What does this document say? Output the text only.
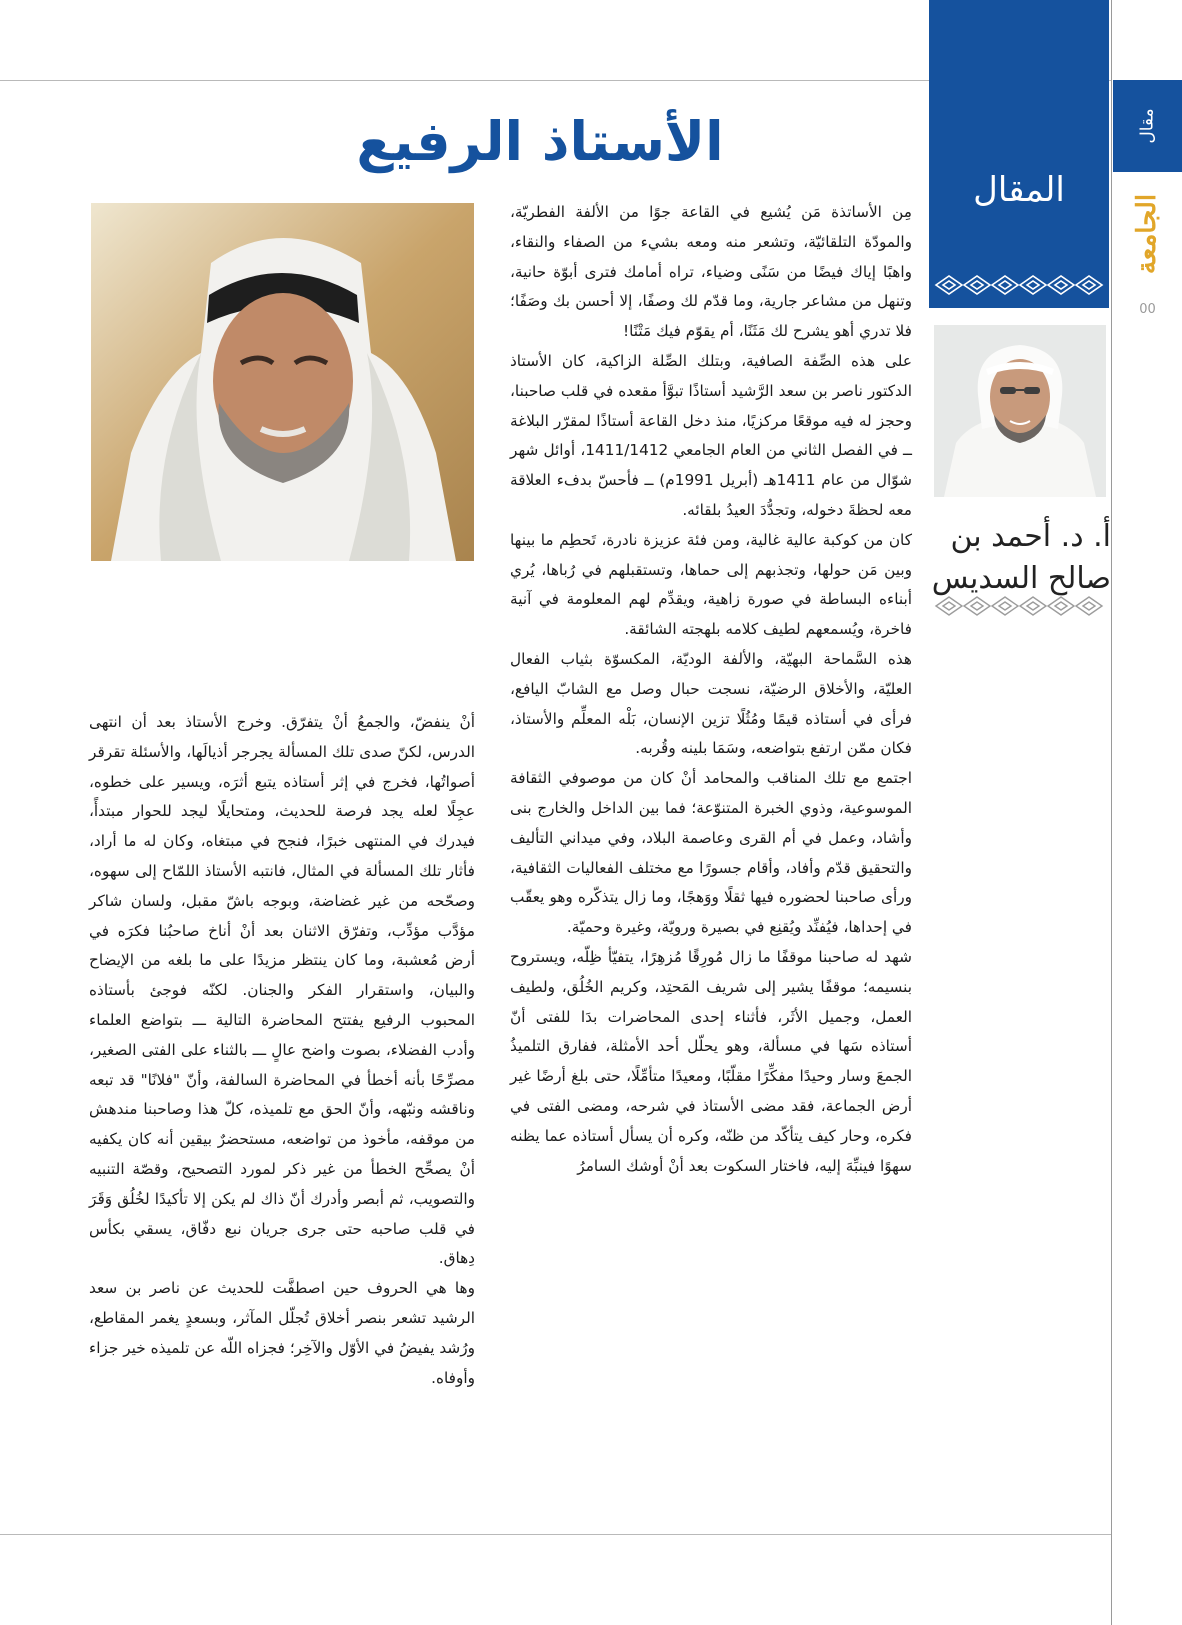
مقال
الجامعة
00
المقال
أ. د. أحمد بن
صالح السديس
الأستاذ الرفيع

مِن الأساتذة مَن يُشيع في القاعة جوًا من الألفة الفطريّة، والمودّة التلقائيّة، وتشعر منه ومعه بشيء من الصفاء والنقاء، واهبًا إياك فيضًا من سَنًى وضياء، تراه أمامك فترى أبوّة حانية، وتنهل من مشاعر جارية، وما قدّم لك وصفًا، إلا أحسن بك وصَفًا؛ فلا تدري أهو يشرح لك مَثَنًا، أم يقوّم فيك مَتْنًا!

على هذه الصِّفة الصافية، وبتلك الصِّلة الزاكية، كان الأستاذ الدكتور ناصر بن سعد الرَّشيد أستاذًا تبوَّأ مقعده في قلب صاحبنا، وحجز له فيه موقعًا مركزيًا، منذ دخل القاعة أستاذًا لمقرّر البلاغة ــ في الفصل الثاني من العام الجامعي 1411/1412، أوائل شهر شوّال من عام 1411هـ (أبريل 1991م) ــ فأحسّ بدفء العلاقة معه لحظةَ دخوله، وتجدُّدَ العيدُ بلقائه.

كان من كوكبة عالية غالية، ومن فئة عزيزة نادرة، تَحطِم ما بينها وبين مَن حولها، وتجذبهم إلى حماها، وتستقبلهم في رُباها، يُري أبناءه البساطة في صورة زاهية، ويقدِّم لهم المعلومة في آنية فاخرة، ويُسمعهم لطيف كلامه بلهجته الشائقة.

هذه السَّماحة البهيّة، والألفة الوديّة، المكسوّة بثياب الفعال العليّة، والأخلاق الرضيّة، نسجت حبال وصل مع الشابّ اليافع، فرأى في أستاذه قيمًا ومُثُلًا تزين الإنسان، بَلْه المعلِّم والأستاذ، فكان ممّن ارتفع بتواضعه، وسَمَا بلينه وقُربه.

اجتمع مع تلك المناقب والمحامد أنْ كان من موصوفي الثقافة الموسوعية، وذوي الخبرة المتنوّعة؛ فما بين الداخل والخارج بنى وأشاد، وعمل في أم القرى وعاصمة البلاد، وفي ميداني التأليف والتحقيق قدّم وأفاد، وأقام جسورًا مع مختلف الفعاليات الثقافية، ورأى صاحبنا لحضوره فيها ثقلًا ووَهجًا، وما زال يتذكّره وهو يعقّب في إحداها، فيُفنِّد ويُقنِع في بصيرة ورويّة، وغيرة وحميّة.

شهد له صاحبنا موقفًا ما زال مُورِقًا مُزهِرًا، يتفيّأ ظِلّه، ويستروح بنسيمه؛ موقفًا يشير إلى شريف المَحتِد، وكريم الخُلُق، ولطيف العمل، وجميل الأثَر، فأثناء إحدى المحاضرات بدَا للفتى أنّ أستاذه سَها في مسألة، وهو يحلّل أحد الأمثلة، ففارق التلميذُ الجمعَ وسار وحيدًا مفكِّرًا مقلّبًا، ومعيدًا متأمِّلًا، حتى بلغ أرضًا غير أرض الجماعة، فقد مضى الأستاذ في شرحه، ومضى الفتى في فكره، وحار كيف يتأكّد من ظنّه، وكره أن يسأل أستاذه عما يظنه سهوًا فينبِّهَ إليه، فاختار السكوت بعد أنْ أوشك السامرُ

أنْ ينفضّ، والجمعُ أنْ يتفرّق. وخرج الأستاذ بعد أن انتهى الدرس، لكنّ صدى تلك المسألة يجرجر أذيالَها، والأسئلة تقرقر أصواتُها، فخرج في إثر أستاذه يتبع أثرَه، ويسير على خطوه، عجِلًا لعله يجد فرصة للحديث، ومتحايلًا ليجد للحوار مبتدأً، فيدرك في المنتهى خبرًا، فنجح في مبتغاه، وكان له ما أراد، فأثار تلك المسألة في المثال، فانتبه الأستاذ اللمّاح إلى سهوه، وصحّحه من غير غضاضة، وبوجه باشّ مقبل، ولسان شاكر مؤدَّب مؤدِّب، وتفرّق الاثنان بعد أنْ أناخ صاحبُنا فكرَه في أرض مُعشبة، وما كان ينتظر مزيدًا على ما بلغه من الإيضاح والبيان، واستقرار الفكر والجنان. لكنّه فوجئ بأستاذه المحبوب الرفيع يفتتح المحاضرة التالية ـــ بتواضع العلماء وأدب الفضلاء، بصوت واضح عالٍ ـــ بالثناء على الفتى الصغير، مصرِّحًا بأنه أخطأ في المحاضرة السالفة، وأنّ "فلانًا" قد تبعه وناقشه ونبّهه، وأنّ الحق مع تلميذه، كلّ هذا وصاحبنا مندهش من موقفه، مأخوذ من تواضعه، مستحضرٌ بيقين أنه كان يكفيه أنْ يصحِّح الخطأ من غير ذكر لمورد التصحيح، وقصّة التنبيه والتصويب، ثم أبصر وأدرك أنّ ذاك لم يكن إلا تأكيدًا لخُلُق وَقَرَ في قلب صاحبه حتى جرى جريان نبع دفّاق، يسقي بكأس دِهاق.

وها هي الحروف حين اصطفَّت للحديث عن ناصر بن سعد الرشيد تشعر بنصر أخلاق تُجلّل المآثر، وبسعدٍ يغمر المقاطع، ورُشد يفيضُ في الأوّل والآخِر؛ فجزاه اللّه عن تلميذه خير جزاء وأوفاه.
